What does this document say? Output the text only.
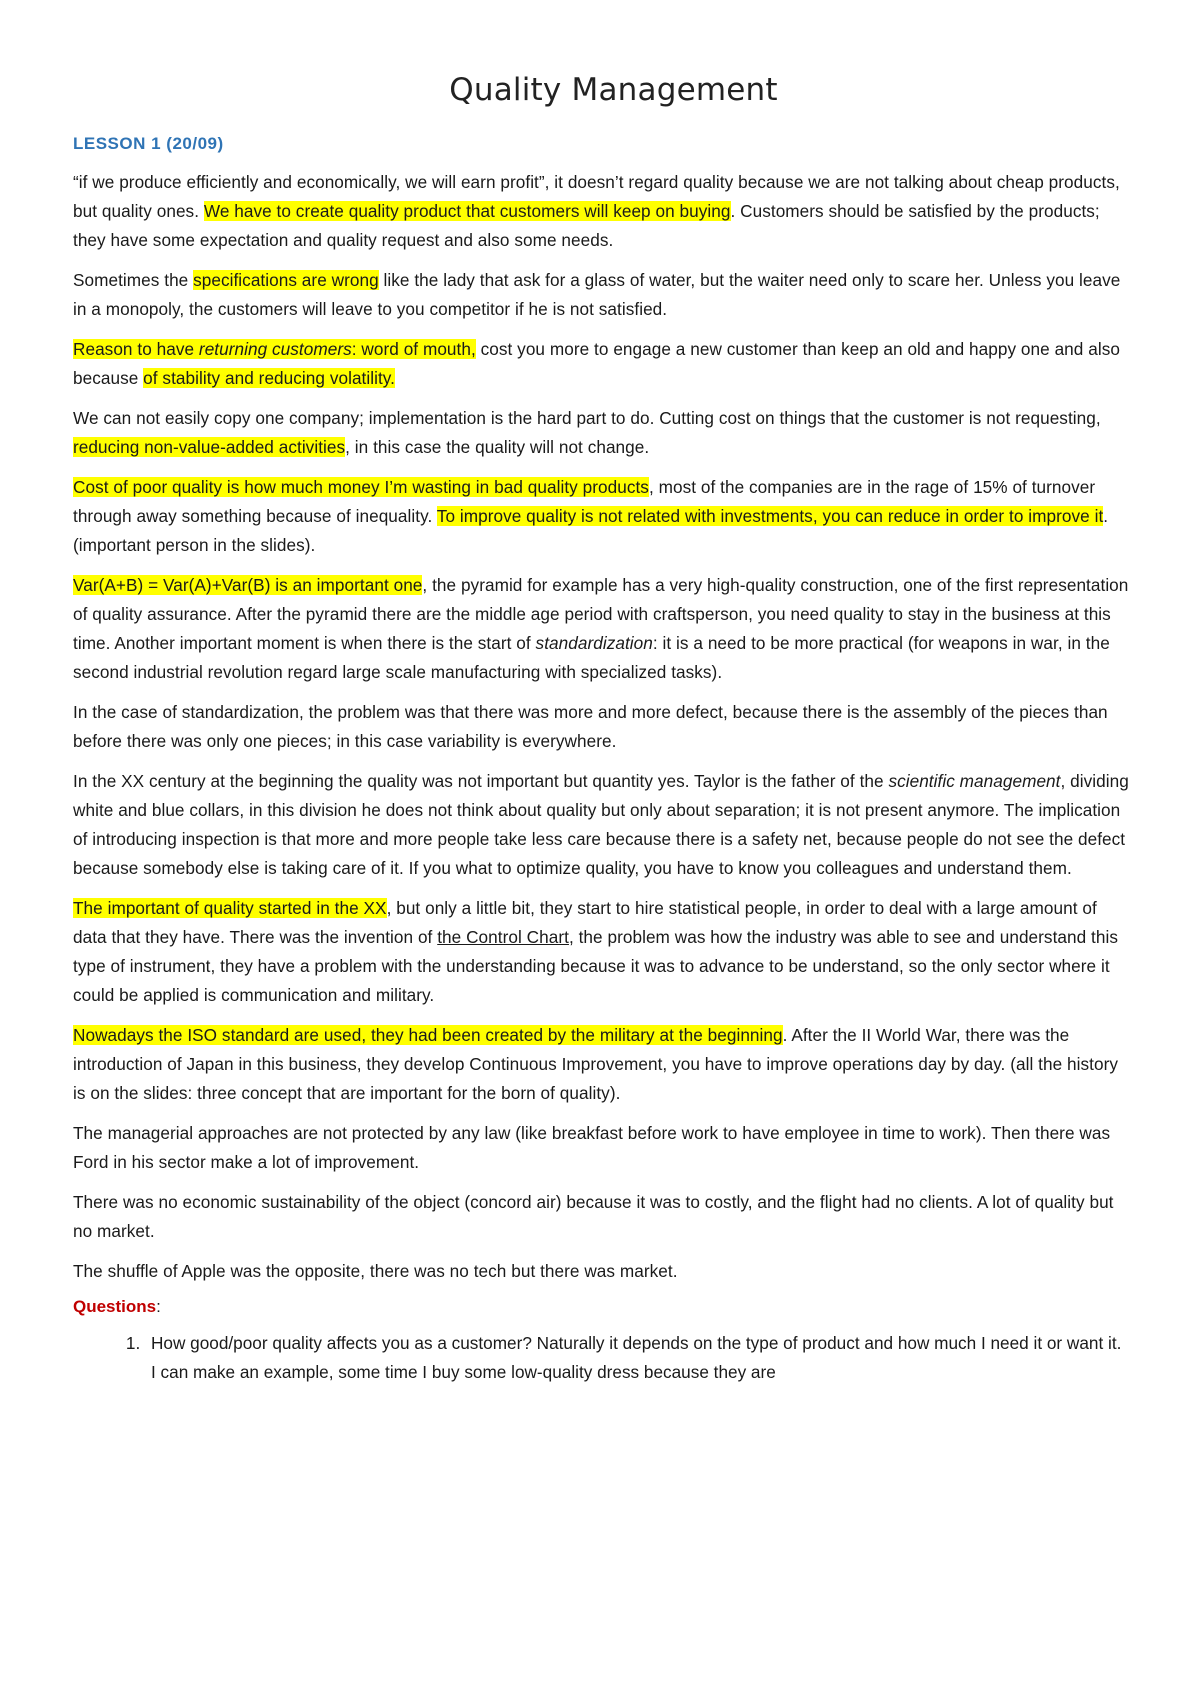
Quality Management
LESSON 1 (20/09)

“if we produce efficiently and economically, we will earn profit”, it doesn’t regard quality because we are not talking about cheap products, but quality ones. We have to create quality product that customers will keep on buying. Customers should be satisfied by the products; they have some expectation and quality request and also some needs.

Sometimes the specifications are wrong like the lady that ask for a glass of water, but the waiter need only to scare her. Unless you leave in a monopoly, the customers will leave to you competitor if he is not satisfied.

Reason to have returning customers: word of mouth, cost you more to engage a new customer than keep an old and happy one and also because of stability and reducing volatility.

We can not easily copy one company; implementation is the hard part to do. Cutting cost on things that the customer is not requesting, reducing non-value-added activities, in this case the quality will not change.

Cost of poor quality is how much money I’m wasting in bad quality products, most of the companies are in the rage of 15% of turnover through away something because of inequality. To improve quality is not related with investments, you can reduce in order to improve it. (important person in the slides).

Var(A+B) = Var(A)+Var(B) is an important one, the pyramid for example has a very high-quality construction, one of the first representation of quality assurance. After the pyramid there are the middle age period with craftsperson, you need quality to stay in the business at this time. Another important moment is when there is the start of standardization: it is a need to be more practical (for weapons in war, in the second industrial revolution regard large scale manufacturing with specialized tasks).

In the case of standardization, the problem was that there was more and more defect, because there is the assembly of the pieces than before there was only one pieces; in this case variability is everywhere.

In the XX century at the beginning the quality was not important but quantity yes. Taylor is the father of the scientific management, dividing white and blue collars, in this division he does not think about quality but only about separation; it is not present anymore. The implication of introducing inspection is that more and more people take less care because there is a safety net, because people do not see the defect because somebody else is taking care of it. If you what to optimize quality, you have to know you colleagues and understand them.

The important of quality started in the XX, but only a little bit, they start to hire statistical people, in order to deal with a large amount of data that they have. There was the invention of the Control Chart, the problem was how the industry was able to see and understand this type of instrument, they have a problem with the understanding because it was to advance to be understand, so the only sector where it could be applied is communication and military.

Nowadays the ISO standard are used, they had been created by the military at the beginning. After the II World War, there was the introduction of Japan in this business, they develop Continuous Improvement, you have to improve operations day by day. (all the history is on the slides: three concept that are important for the born of quality).

The managerial approaches are not protected by any law (like breakfast before work to have employee in time to work). Then there was Ford in his sector make a lot of improvement.

There was no economic sustainability of the object (concord air) because it was to costly, and the flight had no clients. A lot of quality but no market.

The shuffle of Apple was the opposite, there was no tech but there was market.

Questions:
1. How good/poor quality affects you as a customer? Naturally it depends on the type of product and how much I need it or want it. I can make an example, some time I buy some low-quality dress because they are
